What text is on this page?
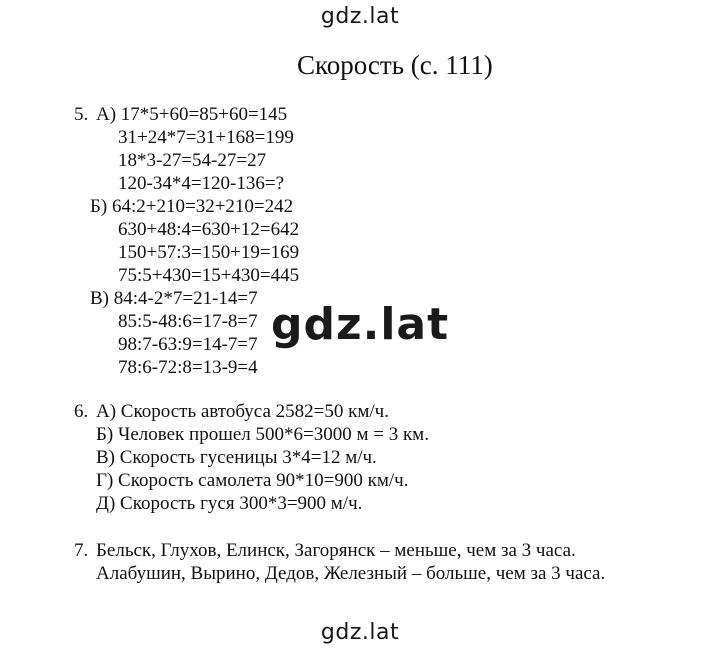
gdz.lat
Скорость (с. 111)
5. А) 17*5+60=85+60=145
31+24*7=31+168=199
18*3-27=54-27=27
120-34*4=120-136=?
Б) 64:2+210=32+210=242
630+48:4=630+12=642
150+57:3=150+19=169
75:5+430=15+430=445
В) 84:4-2*7=21-14=7
85:5-48:6=17-8=7
98:7-63:9=14-7=7
78:6-72:8=13-9=4
6. А) Скорость автобуса 2582=50 км/ч.
Б) Человек прошел 500*6=3000 м = 3 км.
В) Скорость гусеницы 3*4=12 м/ч.
Г) Скорость самолета 90*10=900 км/ч.
Д) Скорость гуся 300*3=900 м/ч.
7. Бельск, Глухов, Елинск, Загорянск – меньше, чем за 3 часа.
Алабушин, Вырино, Дедов, Железный – больше, чем за 3 часа.
gdz.lat
gdz.lat
